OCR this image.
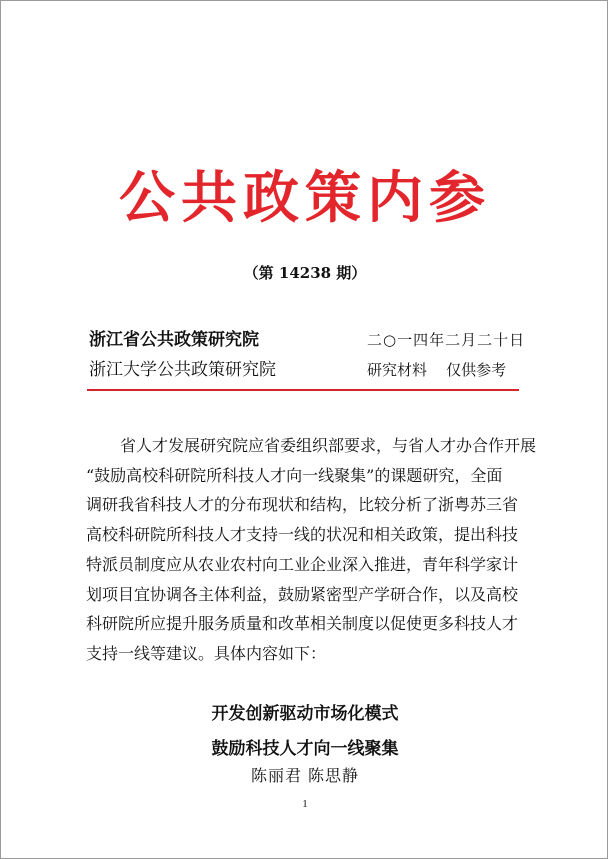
公共政策内参
（第 14238 期）
浙江省公共政策研究院	二○一四年二月二十日
浙江大学公共政策研究院	研究材料    仅供参考
省人才发展研究院应省委组织部要求，与省人才办合作开展
“鼓励高校科研院所科技人才向一线聚集”的课题研究，全面
调研我省科技人才的分布现状和结构，比较分析了浙粤苏三省
高校科研院所科技人才支持一线的状况和相关政策，提出科技
特派员制度应从农业农村向工业企业深入推进，青年科学家计
划项目宜协调各主体利益，鼓励紧密型产学研合作，以及高校
科研院所应提升服务质量和改革相关制度以促使更多科技人才
支持一线等建议。具体内容如下：
开发创新驱动市场化模式
鼓励科技人才向一线聚集
陈丽君 陈思静
1
